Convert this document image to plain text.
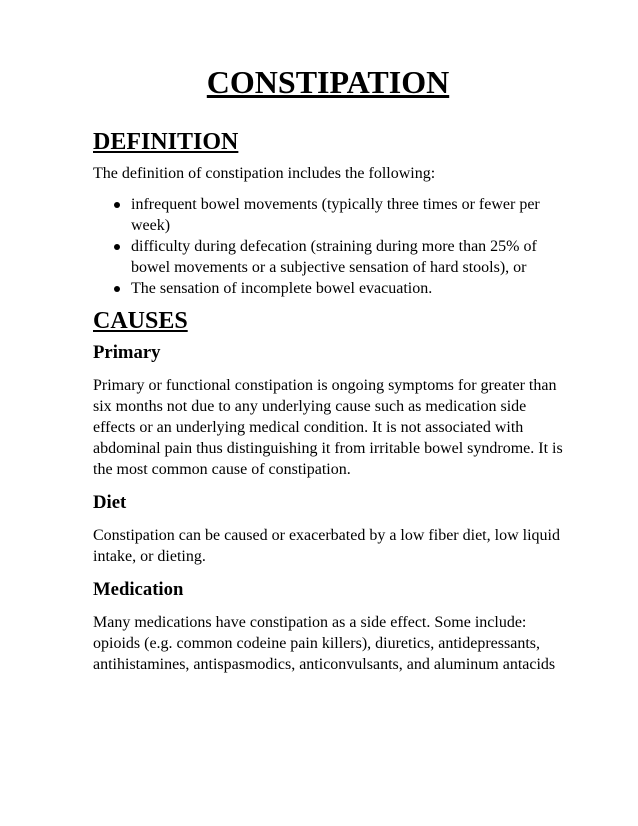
CONSTIPATION
DEFINITION

The definition of constipation includes the following:

infrequent bowel movements (typically three times or fewer per week)
difficulty during defecation (straining during more than 25% of bowel movements or a subjective sensation of hard stools), or
The sensation of incomplete bowel evacuation.
CAUSES
Primary

Primary or functional constipation is ongoing symptoms for greater than six months not due to any underlying cause such as medication side effects or an underlying medical condition. It is not associated with abdominal pain thus distinguishing it from irritable bowel syndrome. It is the most common cause of constipation.

Diet

Constipation can be caused or exacerbated by a low fiber diet, low liquid intake, or dieting.

Medication

Many medications have constipation as a side effect. Some include: opioids (e.g. common codeine pain killers), diuretics, antidepressants, antihistamines, antispasmodics, anticonvulsants, and aluminum antacids
